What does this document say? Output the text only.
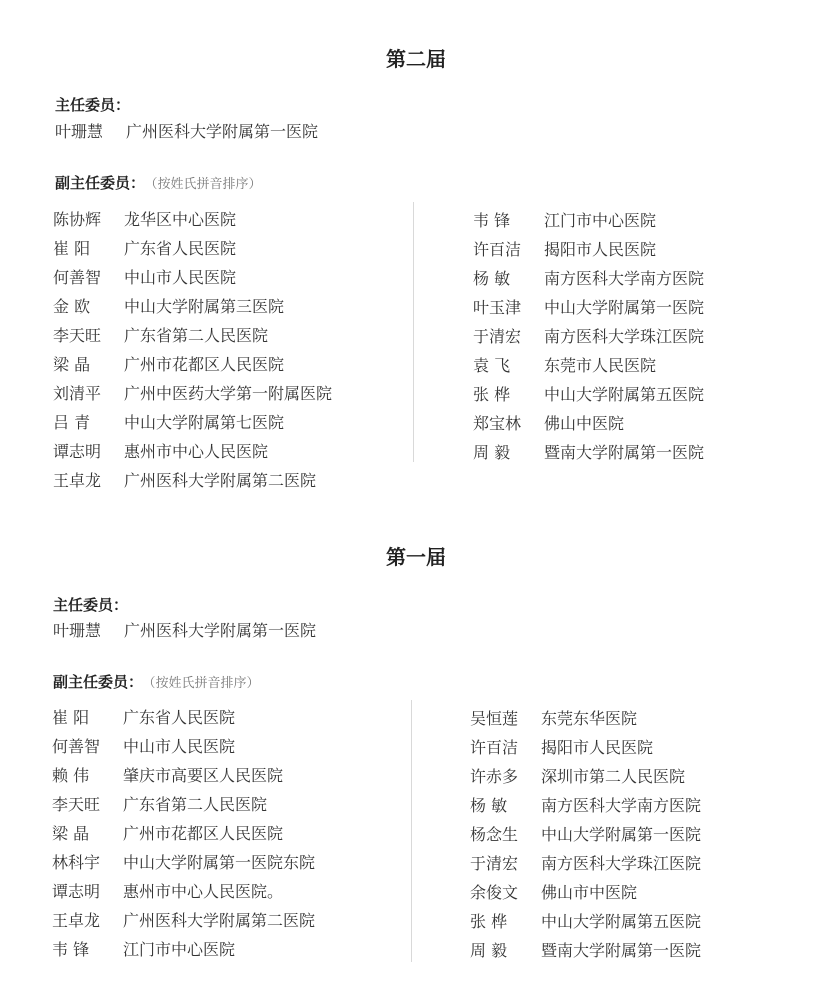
第二届
主任委员：
叶珊慧 广州医科大学附属第一医院
副主任委员： （按姓氏拼音排序）
陈协辉	龙华区中心医院
崔 阳	广东省人民医院
何善智	中山市人民医院
金 欧	中山大学附属第三医院
李天旺	广东省第二人民医院
梁 晶	广州市花都区人民医院
刘清平	广州中医药大学第一附属医院
吕 青	中山大学附属第七医院
谭志明	惠州市中心人民医院
王卓龙	广州医科大学附属第二医院
韦 锋	江门市中心医院
许百洁	揭阳市人民医院
杨 敏	南方医科大学南方医院
叶玉津	中山大学附属第一医院
于清宏	南方医科大学珠江医院
袁 飞	东莞市人民医院
张 桦	中山大学附属第五医院
郑宝林	佛山中医院
周 毅	暨南大学附属第一医院
第一届
主任委员：
叶珊慧 广州医科大学附属第一医院
副主任委员： （按姓氏拼音排序）
崔 阳	广东省人民医院
何善智	中山市人民医院
赖 伟	肇庆市高要区人民医院
李天旺	广东省第二人民医院
梁 晶	广州市花都区人民医院
林科宇	中山大学附属第一医院东院
谭志明	惠州市中心人民医院。
王卓龙	广州医科大学附属第二医院
韦 锋	江门市中心医院
吴恒莲	东莞东华医院
许百洁	揭阳市人民医院
许赤多	深圳市第二人民医院
杨 敏	南方医科大学南方医院
杨念生	中山大学附属第一医院
于清宏	南方医科大学珠江医院
余俊文	佛山市中医院
张 桦	中山大学附属第五医院
周 毅	暨南大学附属第一医院
